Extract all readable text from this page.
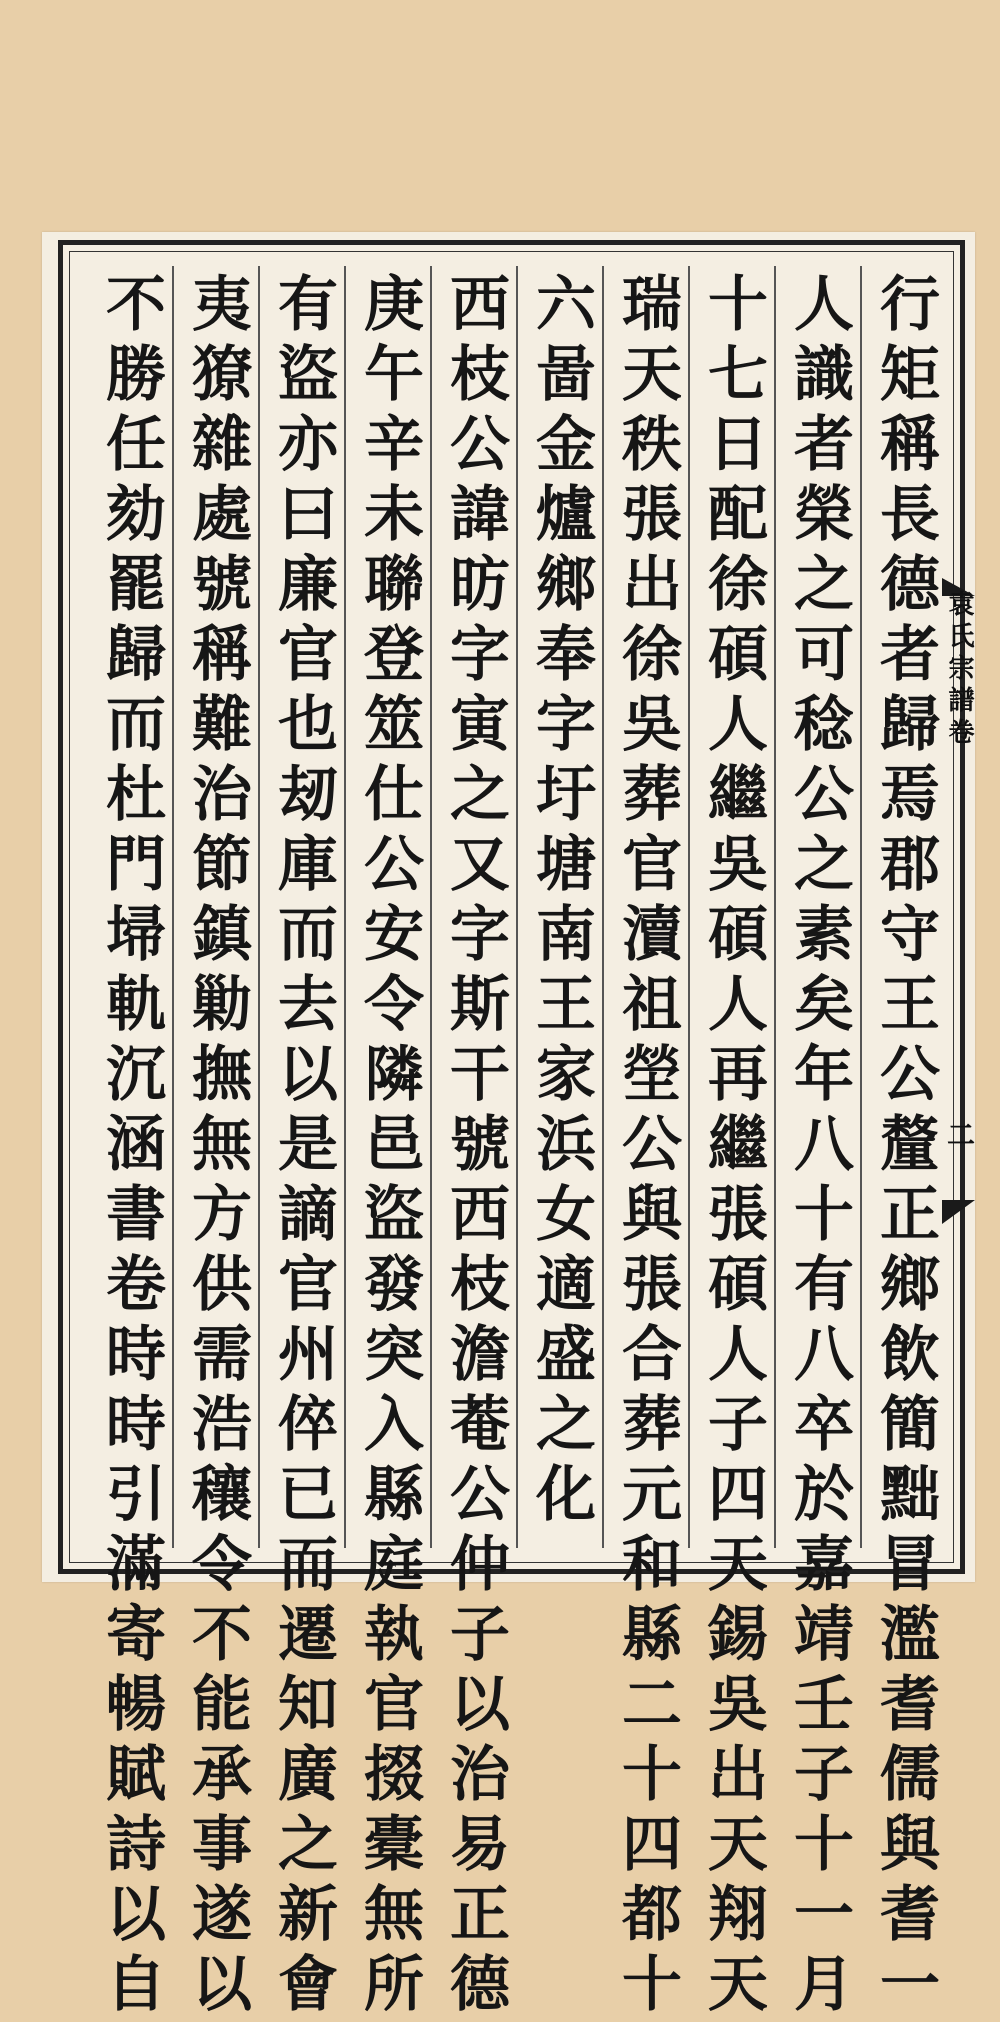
行矩稱長德者歸焉郡守王公釐正鄉飲簡黜冒濫耆儒與耆一
人識者榮之可稔公之素矣年八十有八卒於嘉靖壬子十一月
十七日配徐碩人繼吳碩人再繼張碩人子四天錫吳出天翔天
瑞天秩張出徐吳葬官瀆祖塋公與張合葬元和縣二十四都十
六啚金爐鄉奉字圩塘南王家浜女適盛之化
西枝公諱昉字寅之又字斯干號西枝澹菴公仲子以治易正德
庚午辛未聯登筮仕公安令隣邑盜發突入縣庭執官掇橐無所
有盜亦曰廉官也刼庫而去以是謫官州倅已而遷知廣之新會
夷獠雜處號稱難治節鎮勦撫無方供需浩穰令不能承事遂以
不勝任劾罷歸而杜門埽軌沉涵書卷時時引滿寄暢賦詩以自	袁氏宗譜卷
二
